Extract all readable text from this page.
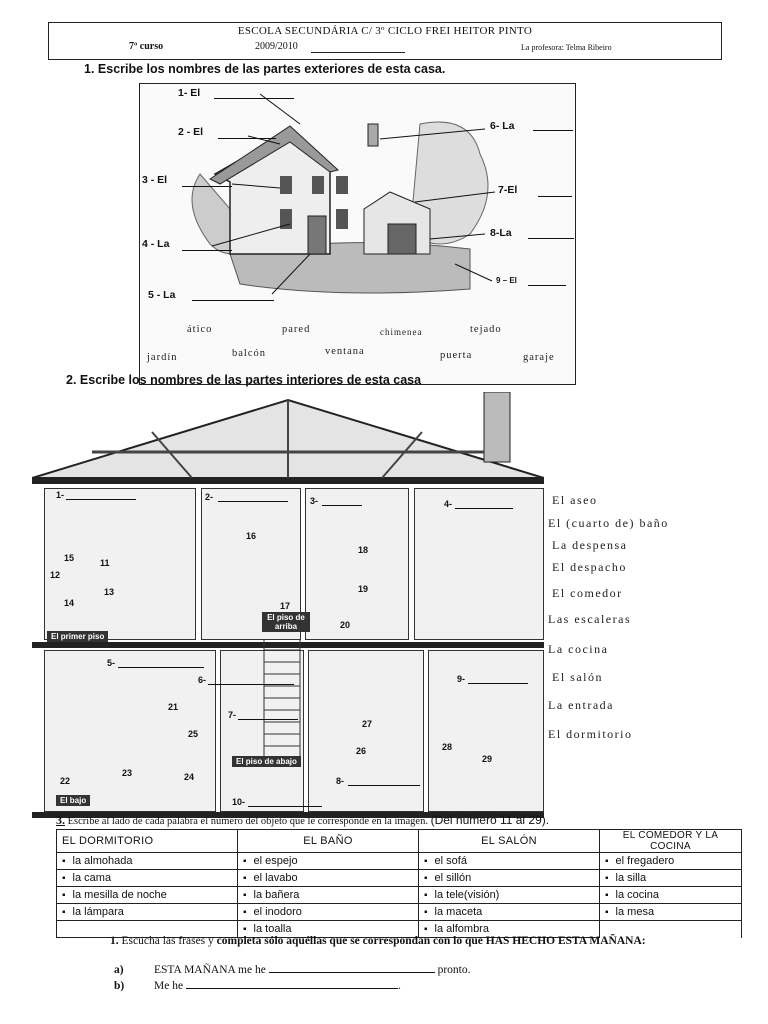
ESCOLA SECUNDÁRIA C/ 3º CICLO FREI HEITOR PINTO
7º curso	2009/2010	La profesora: Telma Ribeiro
1. Escribe los nombres de las partes exteriores de esta casa.
1- El
2 - El
3 - El
4 - La
5 - La
6- La
7-El
8-La
9 – El
ático	pared	chimenea	tejado
jardín	balcón	ventana	puerta	garaje
2. Escribe los nombres de las partes interiores de esta casa
1-	2-	3-	4-
5-
6-
7-
8-
9-
10-
11
12
13
14
15
16
17
18
19
20
21
22
23	24
25
26
27
28
29
El primer piso
El piso de arriba
El piso de abajo
El bajo
El aseo
El (cuarto de) baño
La despensa
El despacho
El comedor
Las escaleras
La cocina
El salón
La entrada
El dormitorio
3. Escribe al lado de cada palabra el número del objeto que le corresponde en la imagen. (Del número 11 al 29).
EL DORMITORIO	EL BAÑO	EL SALÓN	EL COMEDOR Y LA COCINA
▪ la almohada	▪ el espejo	▪ el sofá	▪ el fregadero
▪ la cama	▪ el lavabo	▪ el sillón	▪ la silla
▪ la mesilla de noche	▪ la bañera	▪ la tele(visión)	▪ la cocina
▪ la lámpara	▪ el inodoro	▪ la maceta	▪ la mesa
	▪ la toalla	▪ la alfombra	
1. Escucha las frases y completa sólo aquéllas que se correspondan con lo que HAS HECHO ESTA MAÑANA:
a)	ESTA MAÑANA me he	pronto.
b)	Me he	.
